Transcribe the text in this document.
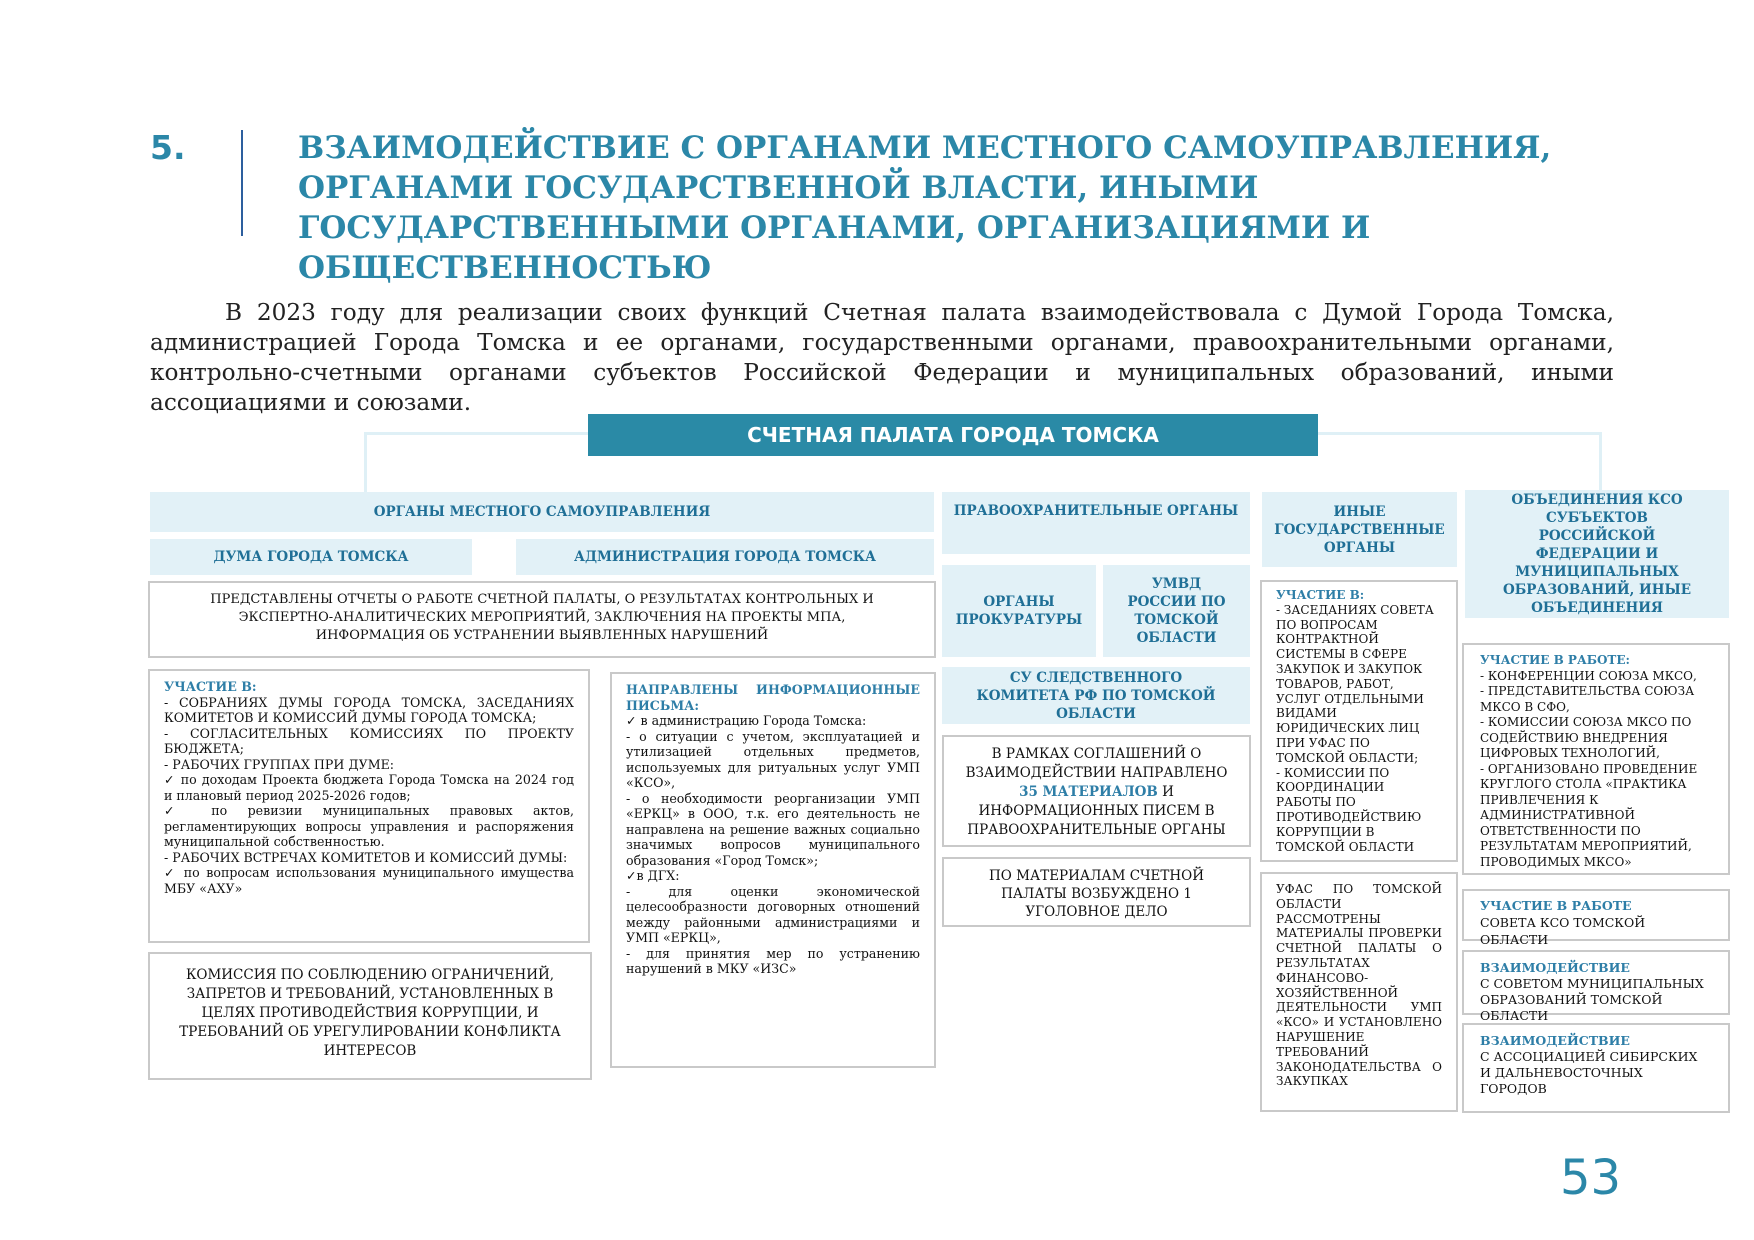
5.	ВЗАИМОДЕЙСТВИЕ С ОРГАНАМИ МЕСТНОГО САМОУПРАВЛЕНИЯ, ОРГАНАМИ ГОСУДАРСТВЕННОЙ ВЛАСТИ, ИНЫМИ ГОСУДАРСТВЕННЫМИ ОРГАНАМИ, ОРГАНИЗАЦИЯМИ И ОБЩЕСТВЕННОСТЬЮ
В 2023 году для реализации своих функций Счетная палата взаимодействовала с Думой Города Томска, администрацией Города Томска и ее органами, государственными органами, правоохранительными органами, контрольно-счетными органами субъектов Российской Федерации и муниципальных образований, иными ассоциациями и союзами.
СЧЕТНАЯ ПАЛАТА ГОРОДА ТОМСКА
ОРГАНЫ МЕСТНОГО САМОУПРАВЛЕНИЯ
ДУМА ГОРОДА ТОМСКА	АДМИНИСТРАЦИЯ ГОРОДА ТОМСКА
ПРЕДСТАВЛЕНЫ ОТЧЕТЫ О РАБОТЕ СЧЕТНОЙ ПАЛАТЫ, О РЕЗУЛЬТАТАХ КОНТРОЛЬНЫХ И ЭКСПЕРТНО-АНАЛИТИЧЕСКИХ МЕРОПРИЯТИЙ, ЗАКЛЮЧЕНИЯ НА ПРОЕКТЫ МПА, ИНФОРМАЦИЯ ОБ УСТРАНЕНИИ ВЫЯВЛЕННЫХ НАРУШЕНИЙ
УЧАСТИЕ В:
- СОБРАНИЯХ ДУМЫ ГОРОДА ТОМСКА, ЗАСЕДАНИЯХ КОМИТЕТОВ И КОМИССИЙ ДУМЫ ГОРОДА ТОМСКА;
- СОГЛАСИТЕЛЬНЫХ КОМИССИЯХ ПО ПРОЕКТУ БЮДЖЕТА;
- РАБОЧИХ ГРУППАХ ПРИ ДУМЕ:
✓ по доходам Проекта бюджета Города Томска на 2024 год и плановый период 2025-2026 годов;
✓ по ревизии муниципальных правовых актов, регламентирующих вопросы управления и распоряжения муниципальной собственностью.
- РАБОЧИХ ВСТРЕЧАХ КОМИТЕТОВ И КОМИССИЙ ДУМЫ:
✓ по вопросам использования муниципального имущества МБУ «АХУ»
КОМИССИЯ ПО СОБЛЮДЕНИЮ ОГРАНИЧЕНИЙ, ЗАПРЕТОВ И ТРЕБОВАНИЙ, УСТАНОВЛЕННЫХ В ЦЕЛЯХ ПРОТИВОДЕЙСТВИЯ КОРРУПЦИИ, И ТРЕБОВАНИЙ ОБ УРЕГУЛИРОВАНИИ КОНФЛИКТА ИНТЕРЕСОВ
НАПРАВЛЕНЫ ИНФОРМАЦИОННЫЕ ПИСЬМА:
✓ в администрацию Города Томска:
- о ситуации с учетом, эксплуатацией и утилизацией отдельных предметов, используемых для ритуальных услуг УМП «КСО»,
- о необходимости реорганизации УМП «ЕРКЦ» в ООО, т.к. его деятельность не направлена на решение важных социально значимых вопросов муниципального образования «Город Томск»;
✓в ДГХ:
- для оценки экономической целесообразности договорных отношений между районными администрациями и УМП «ЕРКЦ»,
- для принятия мер по устранению нарушений в МКУ «ИЗС»
ПРАВООХРАНИТЕЛЬНЫЕ ОРГАНЫ
ОРГАНЫ ПРОКУРАТУРЫ
УМВД РОССИИ ПО ТОМСКОЙ ОБЛАСТИ
СУ СЛЕДСТВЕННОГО КОМИТЕТА РФ ПО ТОМСКОЙ ОБЛАСТИ
В РАМКАХ СОГЛАШЕНИЙ О ВЗАИМОДЕЙСТВИИ НАПРАВЛЕНО 35 МАТЕРИАЛОВ И ИНФОРМАЦИОННЫХ ПИСЕМ В ПРАВООХРАНИТЕЛЬНЫЕ ОРГАНЫ
ПО МАТЕРИАЛАМ СЧЕТНОЙ ПАЛАТЫ ВОЗБУЖДЕНО 1 УГОЛОВНОЕ ДЕЛО
ИНЫЕ ГОСУДАРСТВЕННЫЕ ОРГАНЫ
УЧАСТИЕ В:
- ЗАСЕДАНИЯХ СОВЕТА ПО ВОПРОСАМ КОНТРАКТНОЙ СИСТЕМЫ В СФЕРЕ ЗАКУПОК И ЗАКУПОК ТОВАРОВ, РАБОТ, УСЛУГ ОТДЕЛЬНЫМИ ВИДАМИ ЮРИДИЧЕСКИХ ЛИЦ ПРИ УФАС ПО ТОМСКОЙ ОБЛАСТИ;
- КОМИССИИ ПО КООРДИНАЦИИ РАБОТЫ ПО ПРОТИВОДЕЙСТВИЮ КОРРУПЦИИ В ТОМСКОЙ ОБЛАСТИ
УФАС ПО ТОМСКОЙ ОБЛАСТИ РАССМОТРЕНЫ МАТЕРИАЛЫ ПРОВЕРКИ СЧЕТНОЙ ПАЛАТЫ О РЕЗУЛЬТАТАХ ФИНАНСОВО-ХОЗЯЙСТВЕННОЙ ДЕЯТЕЛЬНОСТИ УМП «КСО» И УСТАНОВЛЕНО НАРУШЕНИЕ ТРЕБОВАНИЙ ЗАКОНОДАТЕЛЬСТВА О ЗАКУПКАХ
ОБЪЕДИНЕНИЯ КСО СУБЪЕКТОВ РОССИЙСКОЙ ФЕДЕРАЦИИ И МУНИЦИПАЛЬНЫХ ОБРАЗОВАНИЙ, ИНЫЕ ОБЪЕДИНЕНИЯ
УЧАСТИЕ В РАБОТЕ:
- КОНФЕРЕНЦИИ СОЮЗА МКСО,
- ПРЕДСТАВИТЕЛЬСТВА СОЮЗА МКСО В СФО,
- КОМИССИИ СОЮЗА МКСО ПО СОДЕЙСТВИЮ ВНЕДРЕНИЯ ЦИФРОВЫХ ТЕХНОЛОГИЙ,
- ОРГАНИЗОВАНО ПРОВЕДЕНИЕ КРУГЛОГО СТОЛА «ПРАКТИКА ПРИВЛЕЧЕНИЯ К АДМИНИСТРАТИВНОЙ ОТВЕТСТВЕННОСТИ ПО РЕЗУЛЬТАТАМ МЕРОПРИЯТИЙ, ПРОВОДИМЫХ МКСО»
УЧАСТИЕ В РАБОТЕ
СОВЕТА КСО ТОМСКОЙ ОБЛАСТИ
ВЗАИМОДЕЙСТВИЕ
С СОВЕТОМ МУНИЦИПАЛЬНЫХ ОБРАЗОВАНИЙ ТОМСКОЙ ОБЛАСТИ
ВЗАИМОДЕЙСТВИЕ
С АССОЦИАЦИЕЙ СИБИРСКИХ И ДАЛЬНЕВОСТОЧНЫХ ГОРОДОВ
53
